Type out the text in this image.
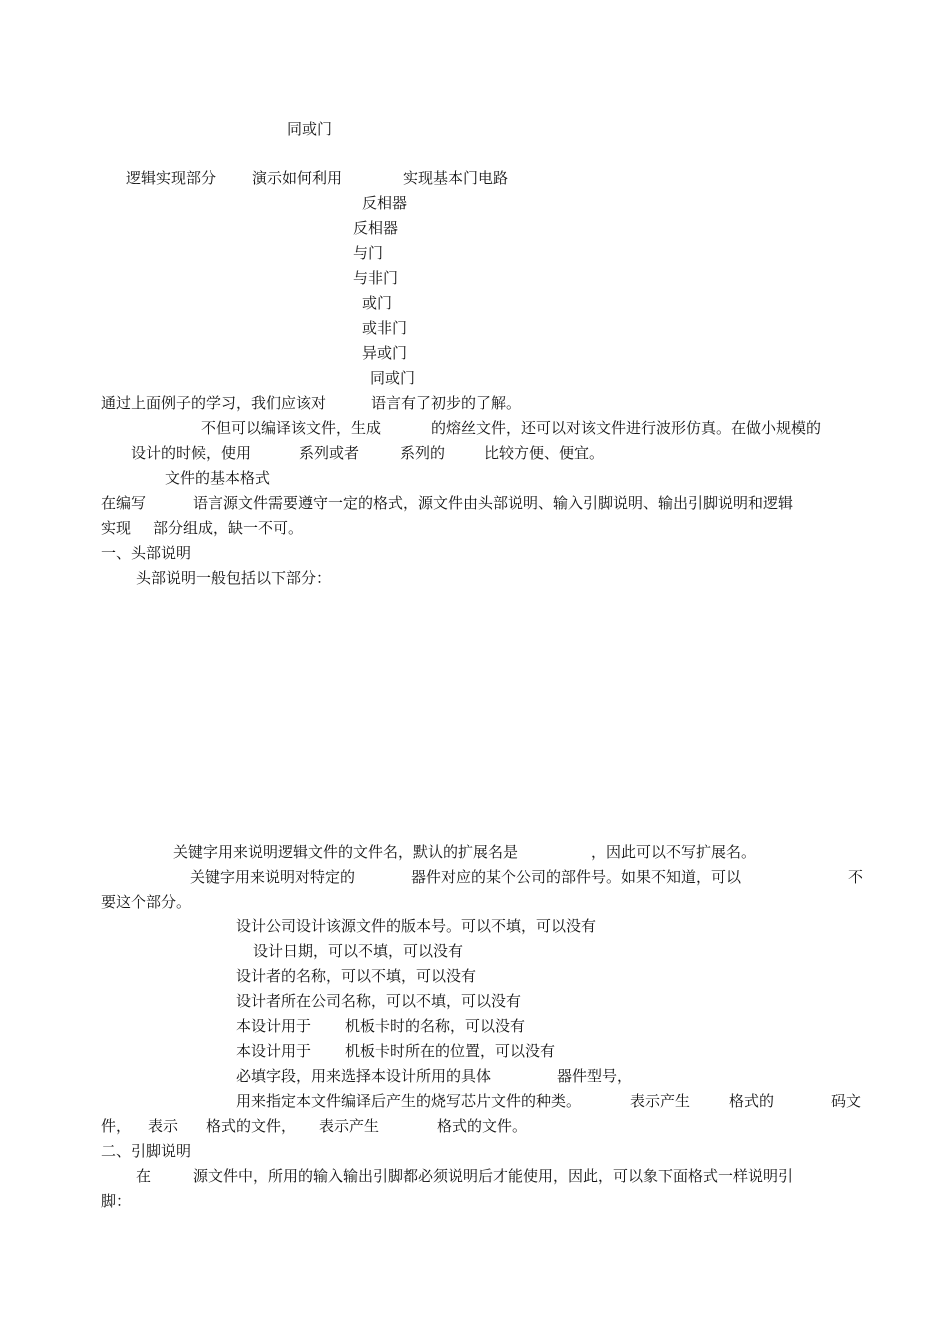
同或门
逻辑实现部分 演示如何利用	实现基本门电路
反相器
反相器
与门
与非门
或门
或非门
异或门
同或门
通过上面例子的学习，我们应该对　　　语言有了初步的了解。
不但可以编译该文件，生成	的熔丝文件，还可以对该文件进行波形仿真。在做小规模的
设计的时候，使用	系列或者	系列的	比较方便、便宜。
文件的基本格式
在编写	语言源文件需要遵守一定的格式，源文件由头部说明、输入引脚说明、输出引脚说明和逻辑
实现 部分组成，缺一不可。
一、头部说明
头部说明一般包括以下部分：
关键字用来说明逻辑文件的文件名，默认的扩展名是	，因此可以不写扩展名。
关键字用来说明对特定的	器件对应的某个公司的部件号。如果不知道，可以	不
要这个部分。
设计公司设计该源文件的版本号。可以不填，可以没有
设计日期，可以不填，可以没有
设计者的名称，可以不填，可以没有
设计者所在公司名称，可以不填，可以没有
本设计用于 机板卡时的名称，可以没有
本设计用于 机板卡时所在的位置，可以没有
必填字段，用来选择本设计所用的具体	器件型号，
用来指定本文件编译后产生的烧写芯片文件的种类。	表示产生	格式的	码文
件， 表示 格式的文件， 表示产生	格式的文件。
二、引脚说明
在	源文件中，所用的输入输出引脚都必须说明后才能使用，因此，可以象下面格式一样说明引
脚：
